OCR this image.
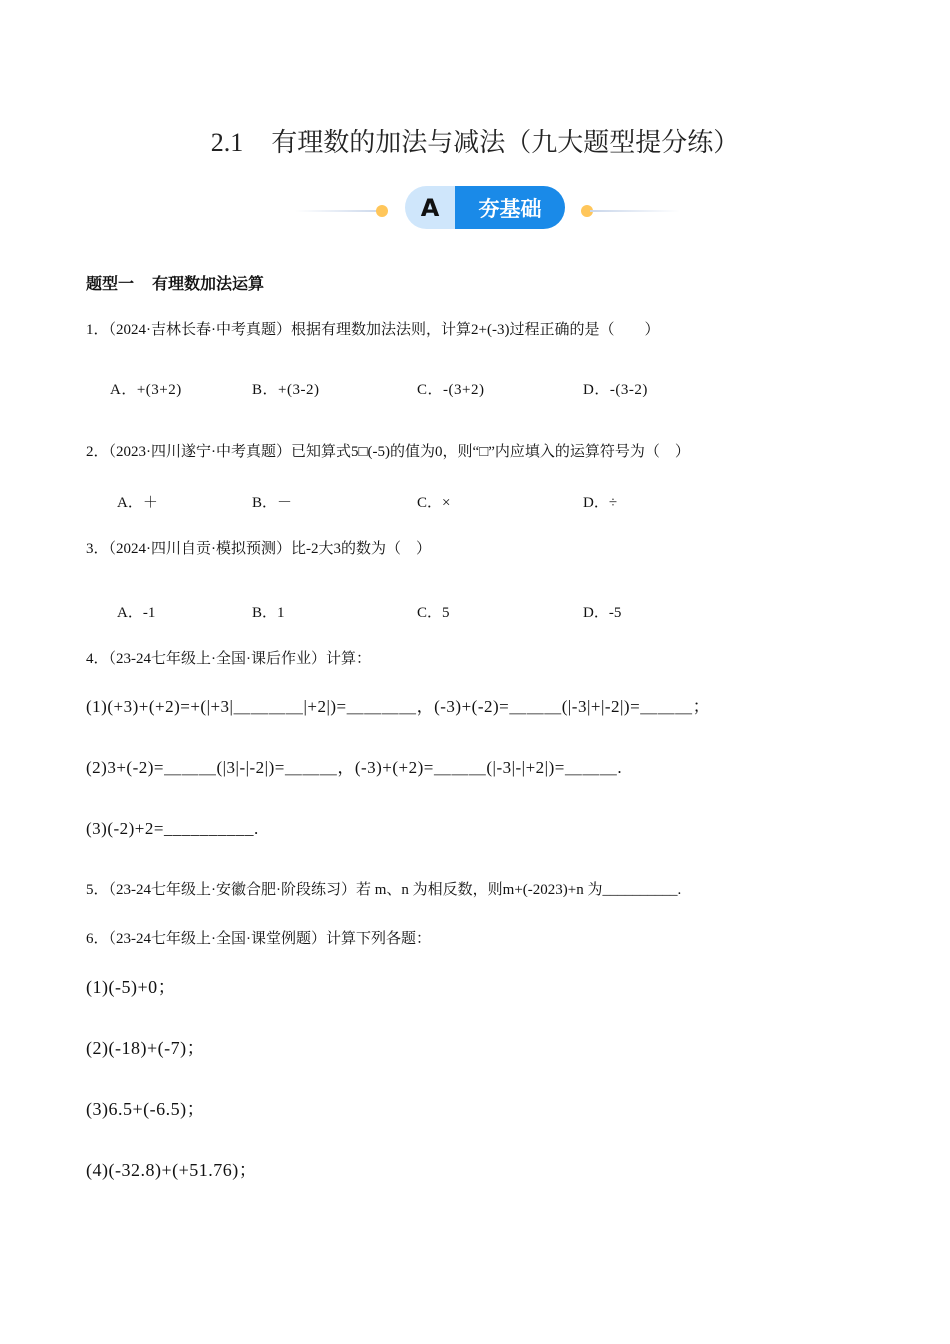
2.1 有理数的加法与减法（九大题型提分练）
A	夯基础
题型一 有理数加法运算
1．（2024·吉林长春·中考真题）根据有理数加法法则，计算2+(-3)过程正确的是（　　）
A．+(3+2)	B．+(3-2)	C．-(3+2)	D．-(3-2)
2．（2023·四川遂宁·中考真题）已知算式5□(-5)的值为0，则“□”内应填入的运算符号为（　）
A．＋	B．－	C．×	D．÷
3．（2024·四川自贡·模拟预测）比-2大3的数为（　）
A．-1	B．1	C．5	D．-5
4．（23-24七年级上·全国·课后作业）计算：
(1)(+3)+(+2)=+(|+3|＿＿＿＿|+2|)=＿＿＿＿，(-3)+(-2)=＿＿＿(|-3|+|-2|)=＿＿＿；
(2)3+(-2)=＿＿＿(|3|-|-2|)=＿＿＿，(-3)+(+2)=＿＿＿(|-3|-|+2|)=＿＿＿.
(3)(-2)+2=__________.
5．（23-24七年级上·安徽合肥·阶段练习）若 m、n 为相反数，则m+(-2023)+n 为__________.
6．（23-24七年级上·全国·课堂例题）计算下列各题：
(1)(-5)+0；
(2)(-18)+(-7)；
(3)6.5+(-6.5)；
(4)(-32.8)+(+51.76)；
